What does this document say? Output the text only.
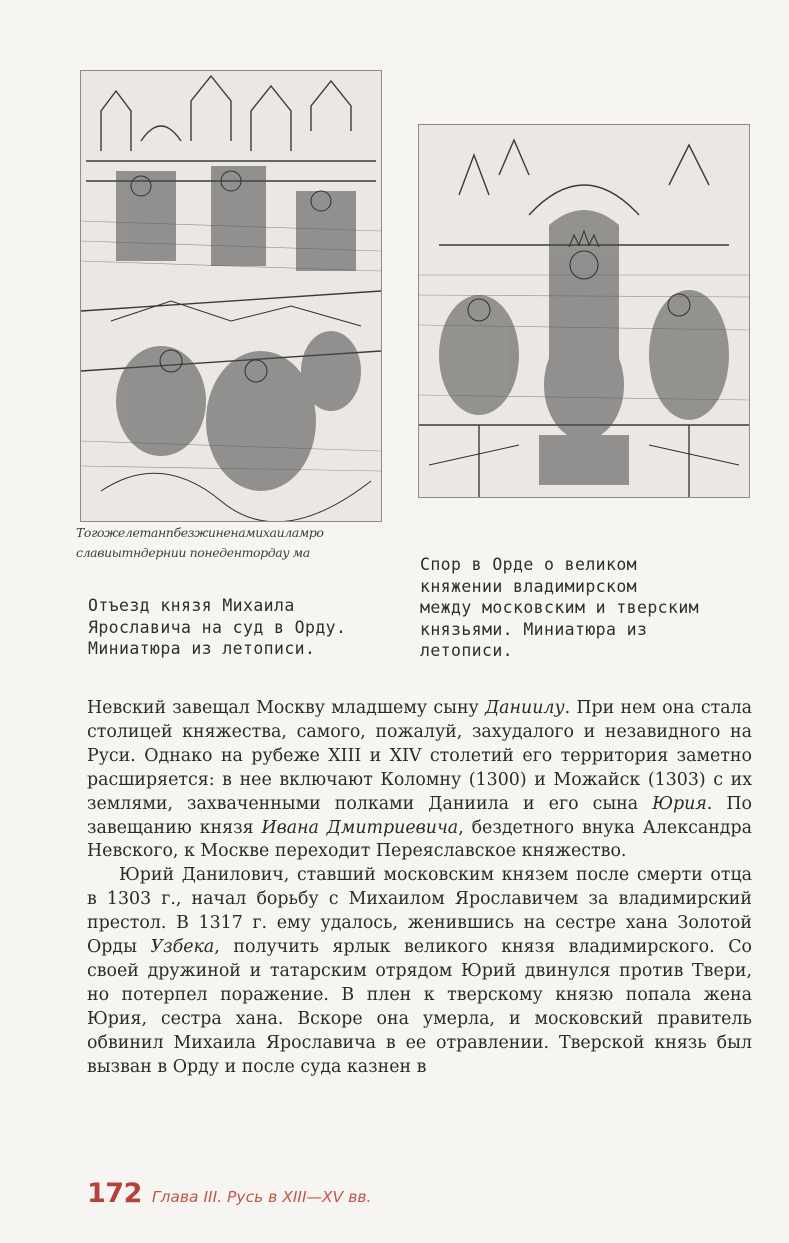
Тогожелетанпбезжиненамихаиламро
славиытндернии понедентордау ма
Отъезд князя Михаила
Ярославича на суд в Орду.
Миниатюра из летописи.
Спор в Орде о великом
княжении владимирском
между московским и тверским
князьями. Миниатюра из
летописи.

Невский завещал Москву младшему сыну Даниилу. При нем она стала столицей княжества, самого, пожалуй, захудалого и незавидного на Руси. Однако на рубеже XIII и XIV столетий его территория заметно расширяется: в нее включают Коломну (1300) и Можайск (1303) с их землями, захваченными полками Даниила и его сына Юрия. По завещанию князя Ивана Дмитриевича, бездетного внука Александра Невского, к Москве переходит Переяславское княжество.

Юрий Данилович, ставший московским князем после смерти отца в 1303 г., начал борьбу с Михаилом Ярославичем за владимирский престол. В 1317 г. ему удалось, женившись на сестре хана Золотой Орды Узбека, получить ярлык великого князя владимирского. Со своей дружиной и татарским отрядом Юрий двинулся против Твери, но потерпел поражение. В плен к тверскому князю попала жена Юрия, сестра хана. Вскоре она умерла, и московский правитель обвинил Михаила Ярославича в ее отравлении. Тверской князь был вызван в Орду и после суда казнен в

172 Глава III. Русь в XIII—XV вв.
